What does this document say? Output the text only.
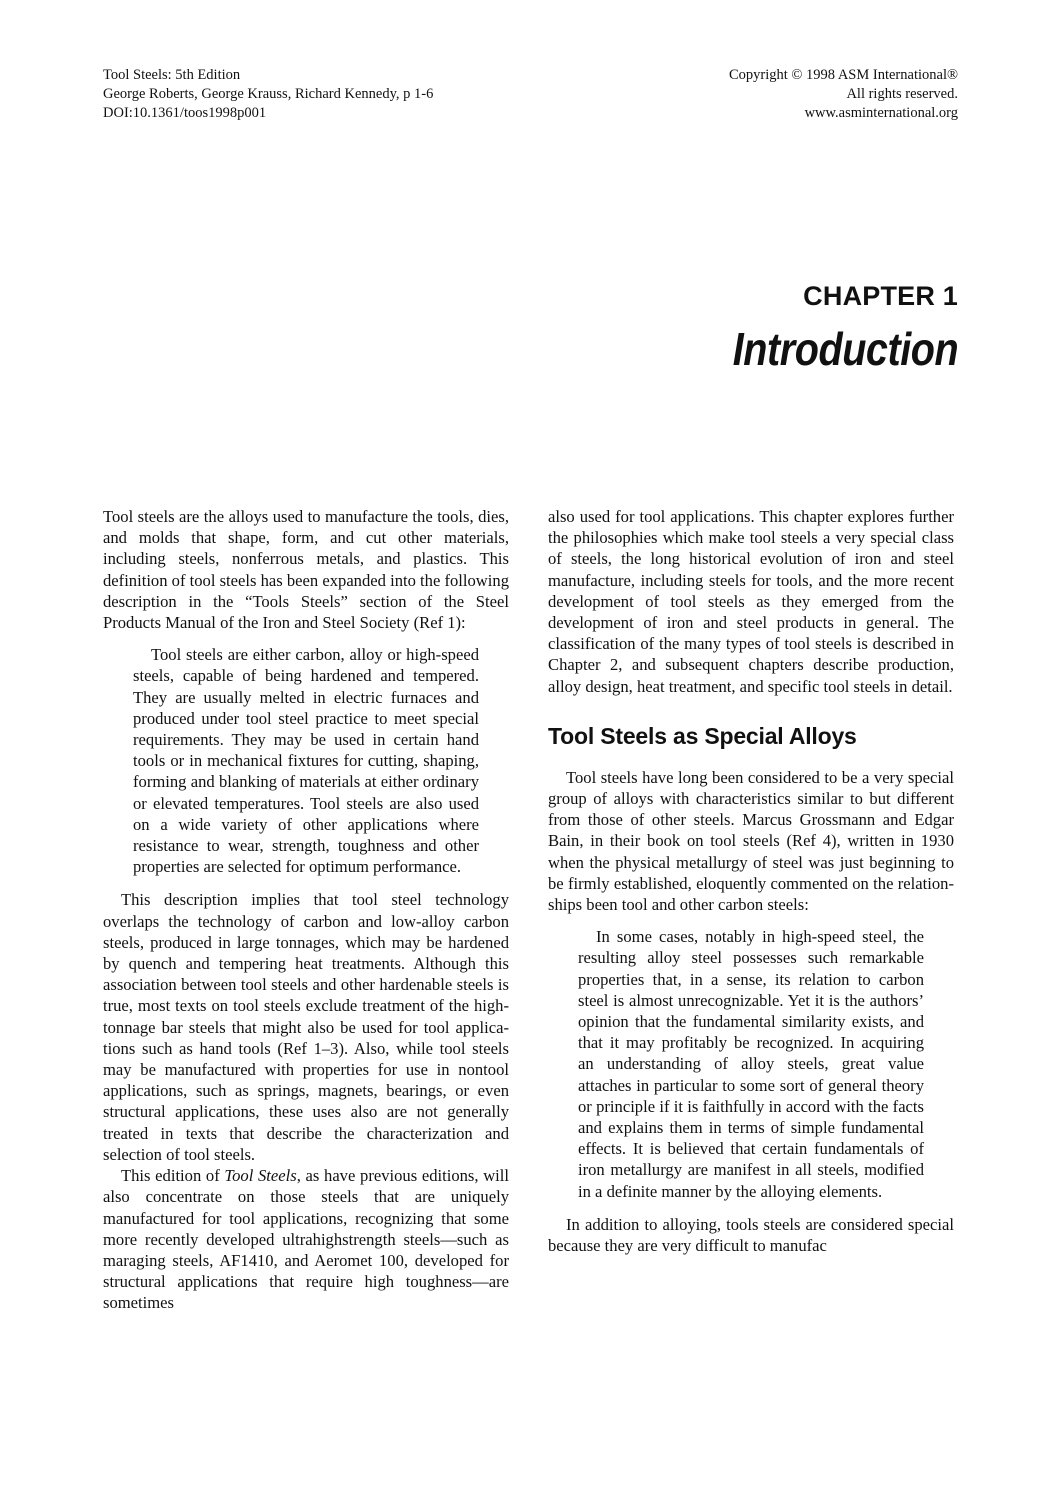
Tool Steels: 5th Edition
George Roberts, George Krauss, Richard Kennedy, p 1-6
DOI:10.1361/toos1998p001
Copyright © 1998 ASM International®
All rights reserved.
www.asminternational.org
CHAPTER 1
Introduction

Tool steels are the alloys used to manufacture the tools, dies, and molds that shape, form, and cut other materials, including steels, nonferrous metals, and plastics. This definition of tool steels has been expanded into the following description in the “Tools Steels” section of the Steel Products Manual of the Iron and Steel Society (Ref 1):

Tool steels are either carbon, alloy or high-speed steels, capable of being hardened and tempered. They are usually melted in electric furnaces and produced under tool steel practice to meet special requirements. They may be used in certain hand tools or in mechanical fixtures for cutting, shaping, forming and blanking of materials at either ordinary or elevated temperatures. Tool steels are also used on a wide variety of other applications where resistance to wear, strength, toughness and other properties are selected for optimum performance.

This description implies that tool steel technology overlaps the technology of carbon and low-alloy carbon steels, produced in large tonnages, which may be hardened by quench and tempering heat treatments. Although this association between tool steels and other hardenable steels is true, most texts on tool steels exclude treatment of the high-tonnage bar steels that might also be used for tool applications such as hand tools (Ref 1–3). Also, while tool steels may be manufactured with properties for use in nontool applications, such as springs, magnets, bearings, or even structural applications, these uses also are not generally treated in texts that describe the characterization and selection of tool steels.

This edition of Tool Steels, as have previous editions, will also concentrate on those steels that are uniquely manufactured for tool applications, recognizing that some more recently developed ultrahighstrength steels—such as maraging steels, AF1410, and Aeromet 100, developed for structural applications that require high toughness—are sometimes

also used for tool applications. This chapter explores further the philosophies which make tool steels a very special class of steels, the long historical evolution of iron and steel manufacture, including steels for tools, and the more recent development of tool steels as they emerged from the development of iron and steel products in general. The classification of the many types of tool steels is described in Chapter 2, and subsequent chapters describe production, alloy design, heat treatment, and specific tool steels in detail.

Tool Steels as Special Alloys

Tool steels have long been considered to be a very special group of alloys with characteristics similar to but different from those of other steels. Marcus Grossmann and Edgar Bain, in their book on tool steels (Ref 4), written in 1930 when the physical metallurgy of steel was just beginning to be firmly established, eloquently commented on the relationships been tool and other carbon steels:

In some cases, notably in high-speed steel, the resulting alloy steel possesses such remarkable properties that, in a sense, its relation to carbon steel is almost unrecognizable. Yet it is the authors’ opinion that the fundamental similarity exists, and that it may profitably be recognized. In acquiring an understanding of alloy steels, great value attaches in particular to some sort of general theory or principle if it is faithfully in accord with the facts and explains them in terms of simple fundamental effects. It is believed that certain fundamentals of iron metallurgy are manifest in all steels, modified in a definite manner by the alloying elements.

In addition to alloying, tools steels are considered special because they are very difficult to manufac
